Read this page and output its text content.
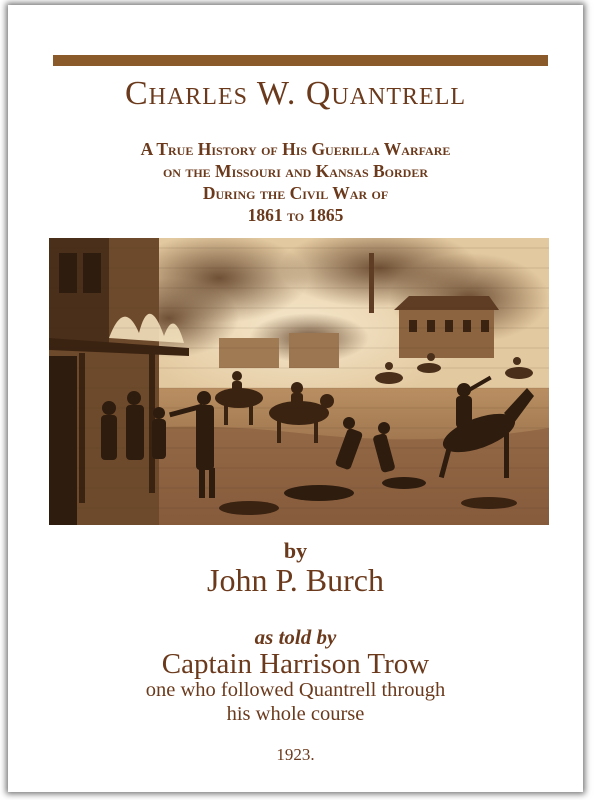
Charles W. Quantrell
A True History of His Guerilla Warfare
on the Missouri and Kansas Border
During the Civil War of
1861 to 1865
by
John P. Burch
as told by
Captain Harrison Trow
one who followed Quantrell through
his whole course
1923.
